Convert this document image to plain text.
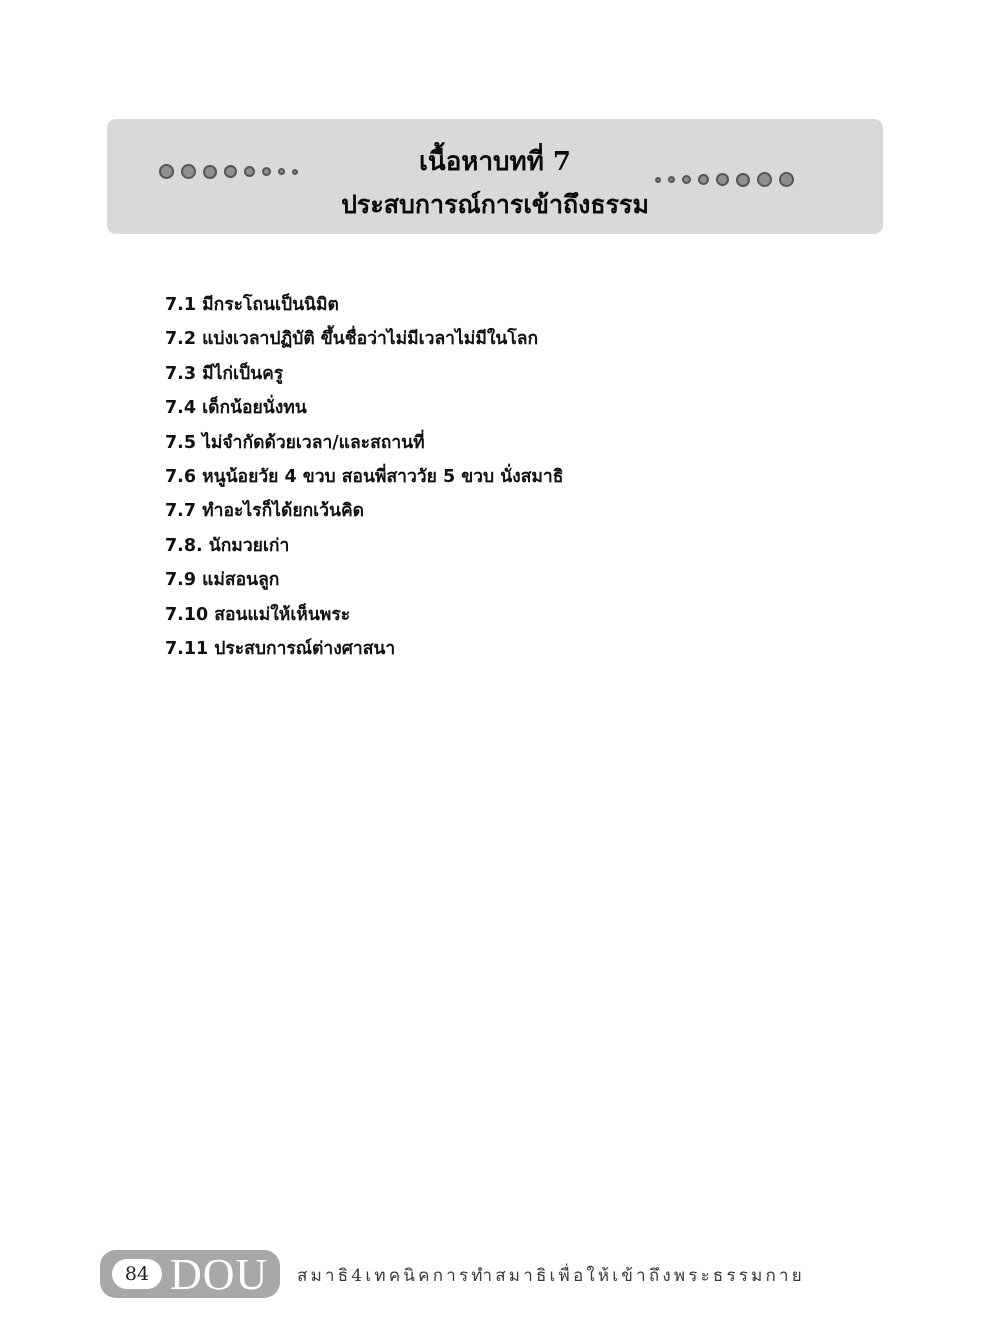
เนื้อหาบทที่ 7
ประสบการณ์การเข้าถึงธรรม
7.1 มีกระโถนเป็นนิมิต
7.2 แบ่งเวลาปฏิบัติ ขึ้นชื่อว่าไม่มีเวลาไม่มีในโลก
7.3 มีไก่เป็นครู
7.4 เด็กน้อยนั่งทน
7.5 ไม่จำกัดด้วยเวลา/และสถานที่
7.6 หนูน้อยวัย 4 ขวบ สอนพี่สาววัย 5 ขวบ นั่งสมาธิ
7.7 ทำอะไรก็ได้ยกเว้นคิด
7.8. นักมวยเก่า
7.9 แม่สอนลูก
7.10 สอนแม่ให้เห็นพระ
7.11 ประสบการณ์ต่างศาสนา
84 DOU สมาธิ4เทคนิคการทำสมาธิเพื่อให้เข้าถึงพระธรรมกาย
